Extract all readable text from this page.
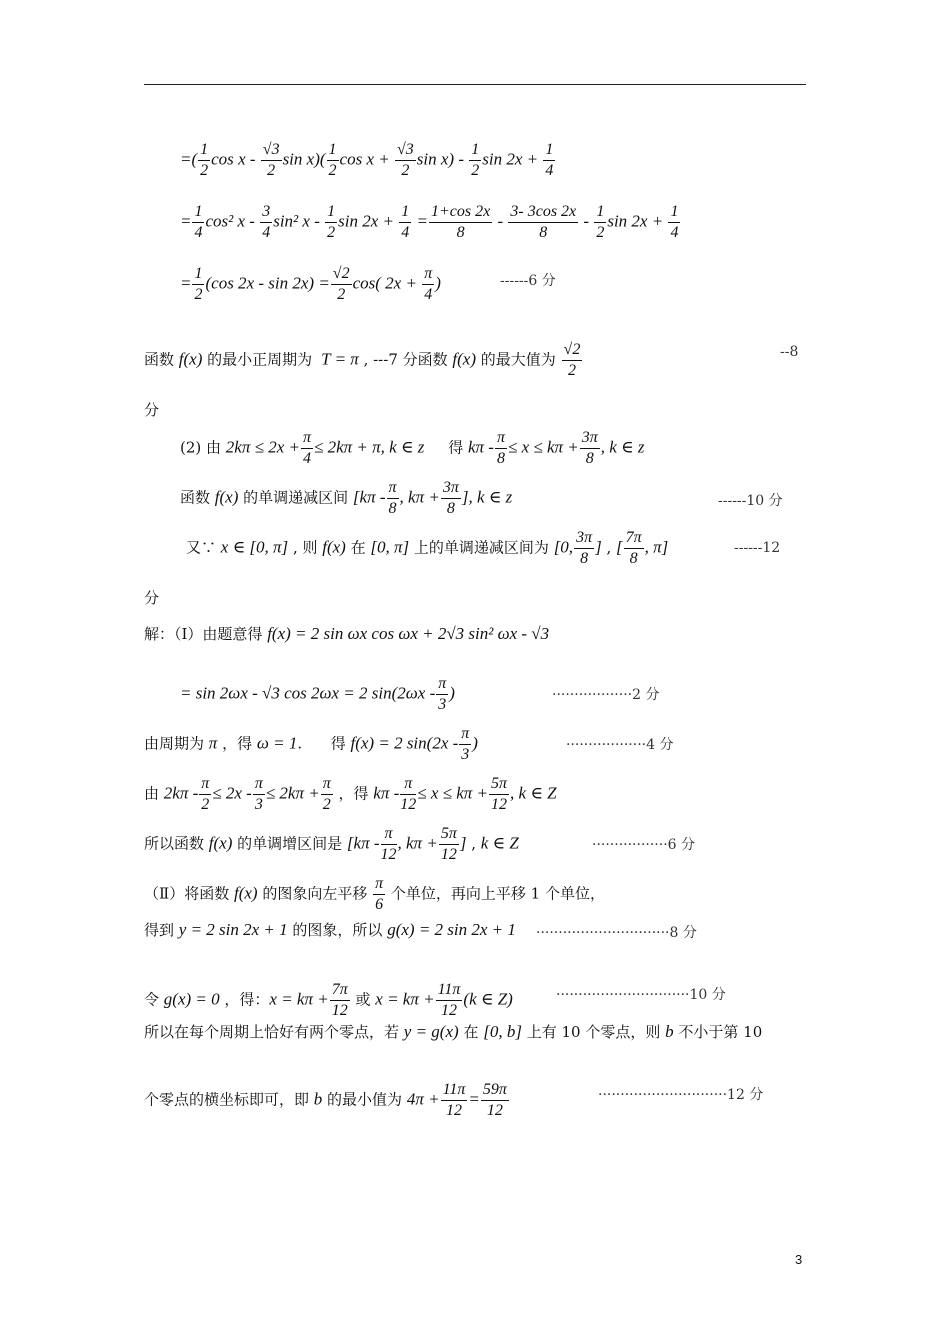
=( $\frac{1}{2}$ cos x - $\frac{√3}{2}$ $\sin x)( \frac{1}{2}$ $\cos x + \frac{√3}{2}$ $\sin x) - \frac{1}{2}$ $\sin 2x + \frac{1}{4}$
= $\frac{1}{4} \cos^2$ x - $\frac{3}{4} \sin^2$ x - $\frac{1}{2}$ $\sin 2x + \frac{1}{4} = \frac{1+\cos 2x}{8} - \frac{3- 3\cos 2x}{8} - \frac{1}{2}$ $\sin 2x + \frac{1}{4}$
= $\frac{1}{2} (\cos$ $2x - \sin 2x) = \frac{√2}{2} \cos$( $2x + \frac{\pi}{4}$ )	------6 分
函数 f(x) 的最小正周期为  T = π , ---7 分函数 f(x) 的最大值为 $\frac{√2}{2}$	--8
分
(2) 由 $2k\pi \le 2x + \frac{\pi}{4} \le 2k\pi + \pi$, k ∈ z     得 $k\pi - \frac{\pi}{8} \le x \le k\pi + \frac{3\pi}{8}$ , k ∈ z
函数 f(x) 的单调递减区间 [$k\pi - \frac{\pi}{8}$ , $k\pi + \frac{3\pi}{8}$ ], k ∈ z	------10 分
又∵ x ∈ [0, π] , 则 f(x) 在 [0, π] 上的单调递减区间为 [0, $\frac{3\pi}{8}$ ] , [ $\frac{7\pi}{8}$ , π]	------12
分
解：（Ⅰ）由题意得 f(x) = 2 sin ωx cos ωx + 2√3 sin² ωx - √3
= sin 2ωx - √3 cos 2ωx = 2 $\sin(2\omega x - \frac{\pi}{3}$ )	··················2 分
由周期为 π ，得 ω = 1.      得 f(x) = 2 $\sin(2x - \frac{\pi}{3}$ )	··················4 分
由 $2k\pi - \frac{\pi}{2} \le 2x - \frac{\pi}{3} \le 2k\pi + \frac{\pi}{2}$ ，得 $k\pi - \frac{\pi}{12} \le x \le k\pi + \frac{5\pi}{12}$ , k ∈ Z
所以函数 f(x) 的单调增区间是 [$k\pi - \frac{\pi}{12}$ , $k\pi + \frac{5\pi}{12}$ ] , k ∈ Z	·················6 分
（Ⅱ）将函数 f(x) 的图象向左平移 $\frac{\pi}{6}$ 个单位，再向上平移 1 个单位，
得到 y = 2 sin 2x + 1 的图象，所以 g(x) = 2 sin 2x + 1	······························8 分
令 g(x) = 0 ，得：$x = k\pi + \frac{7\pi}{12}$ 或 $x = k\pi + \frac{11\pi}{12} (k$ ∈ Z)	······························10 分
所以在每个周期上恰好有两个零点，若 y = g(x) 在 [0, b] 上有 10 个零点，则 b 不小于第 10
个零点的横坐标即可，即 b 的最小值为 $4\pi + \frac{11\pi}{12} = \frac{59\pi}{12}$	·····························12 分
3
